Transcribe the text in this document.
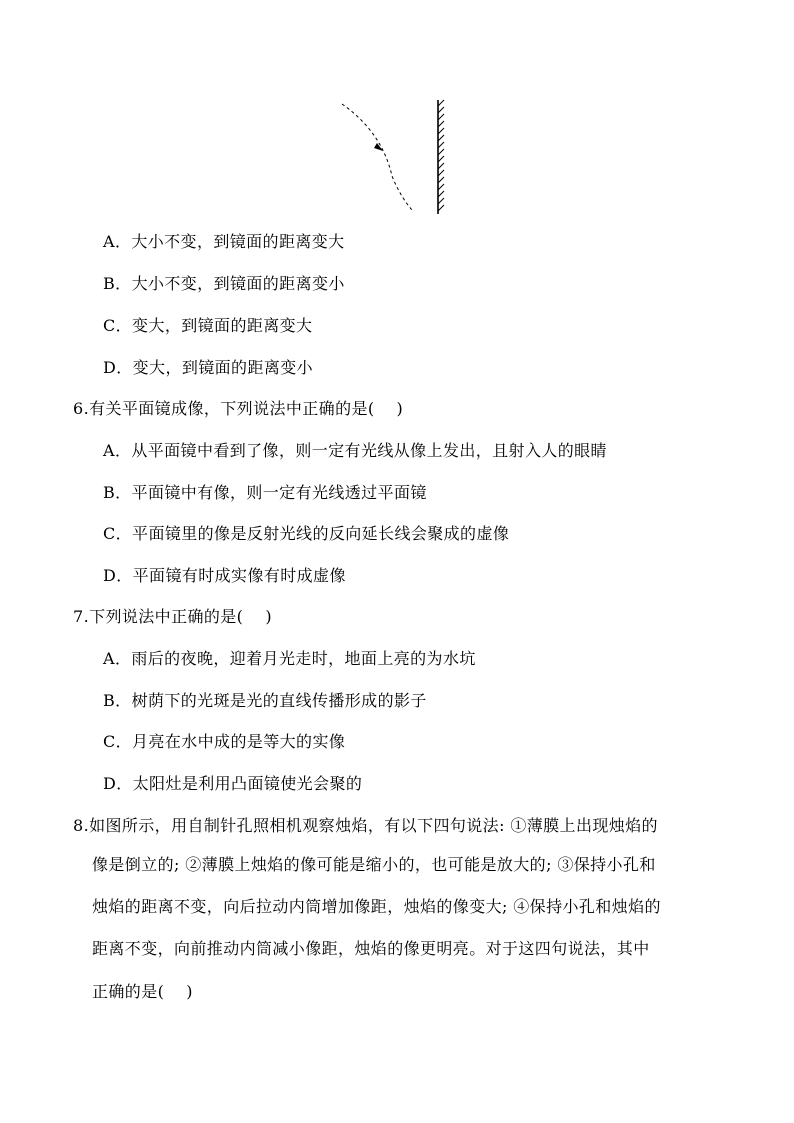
A．大小不变，到镜面的距离变大
B．大小不变，到镜面的距离变小
C．变大，到镜面的距离变大
D．变大，到镜面的距离变小
6.有关平面镜成像，下列说法中正确的是( )
A．从平面镜中看到了像，则一定有光线从像上发出，且射入人的眼睛
B．平面镜中有像，则一定有光线透过平面镜
C．平面镜里的像是反射光线的反向延长线会聚成的虚像
D．平面镜有时成实像有时成虚像
7.下列说法中正确的是( )
A．雨后的夜晚，迎着月光走时，地面上亮的为水坑
B．树荫下的光斑是光的直线传播形成的影子
C．月亮在水中成的是等大的实像
D．太阳灶是利用凸面镜使光会聚的
8.如图所示，用自制针孔照相机观察烛焰，有以下四句说法: ①薄膜上出现烛焰的
像是倒立的; ②薄膜上烛焰的像可能是缩小的，也可能是放大的; ③保持小孔和
烛焰的距离不变，向后拉动内筒增加像距，烛焰的像变大; ④保持小孔和烛焰的
距离不变，向前推动内筒减小像距，烛焰的像更明亮。对于这四句说法，其中
正确的是( )
